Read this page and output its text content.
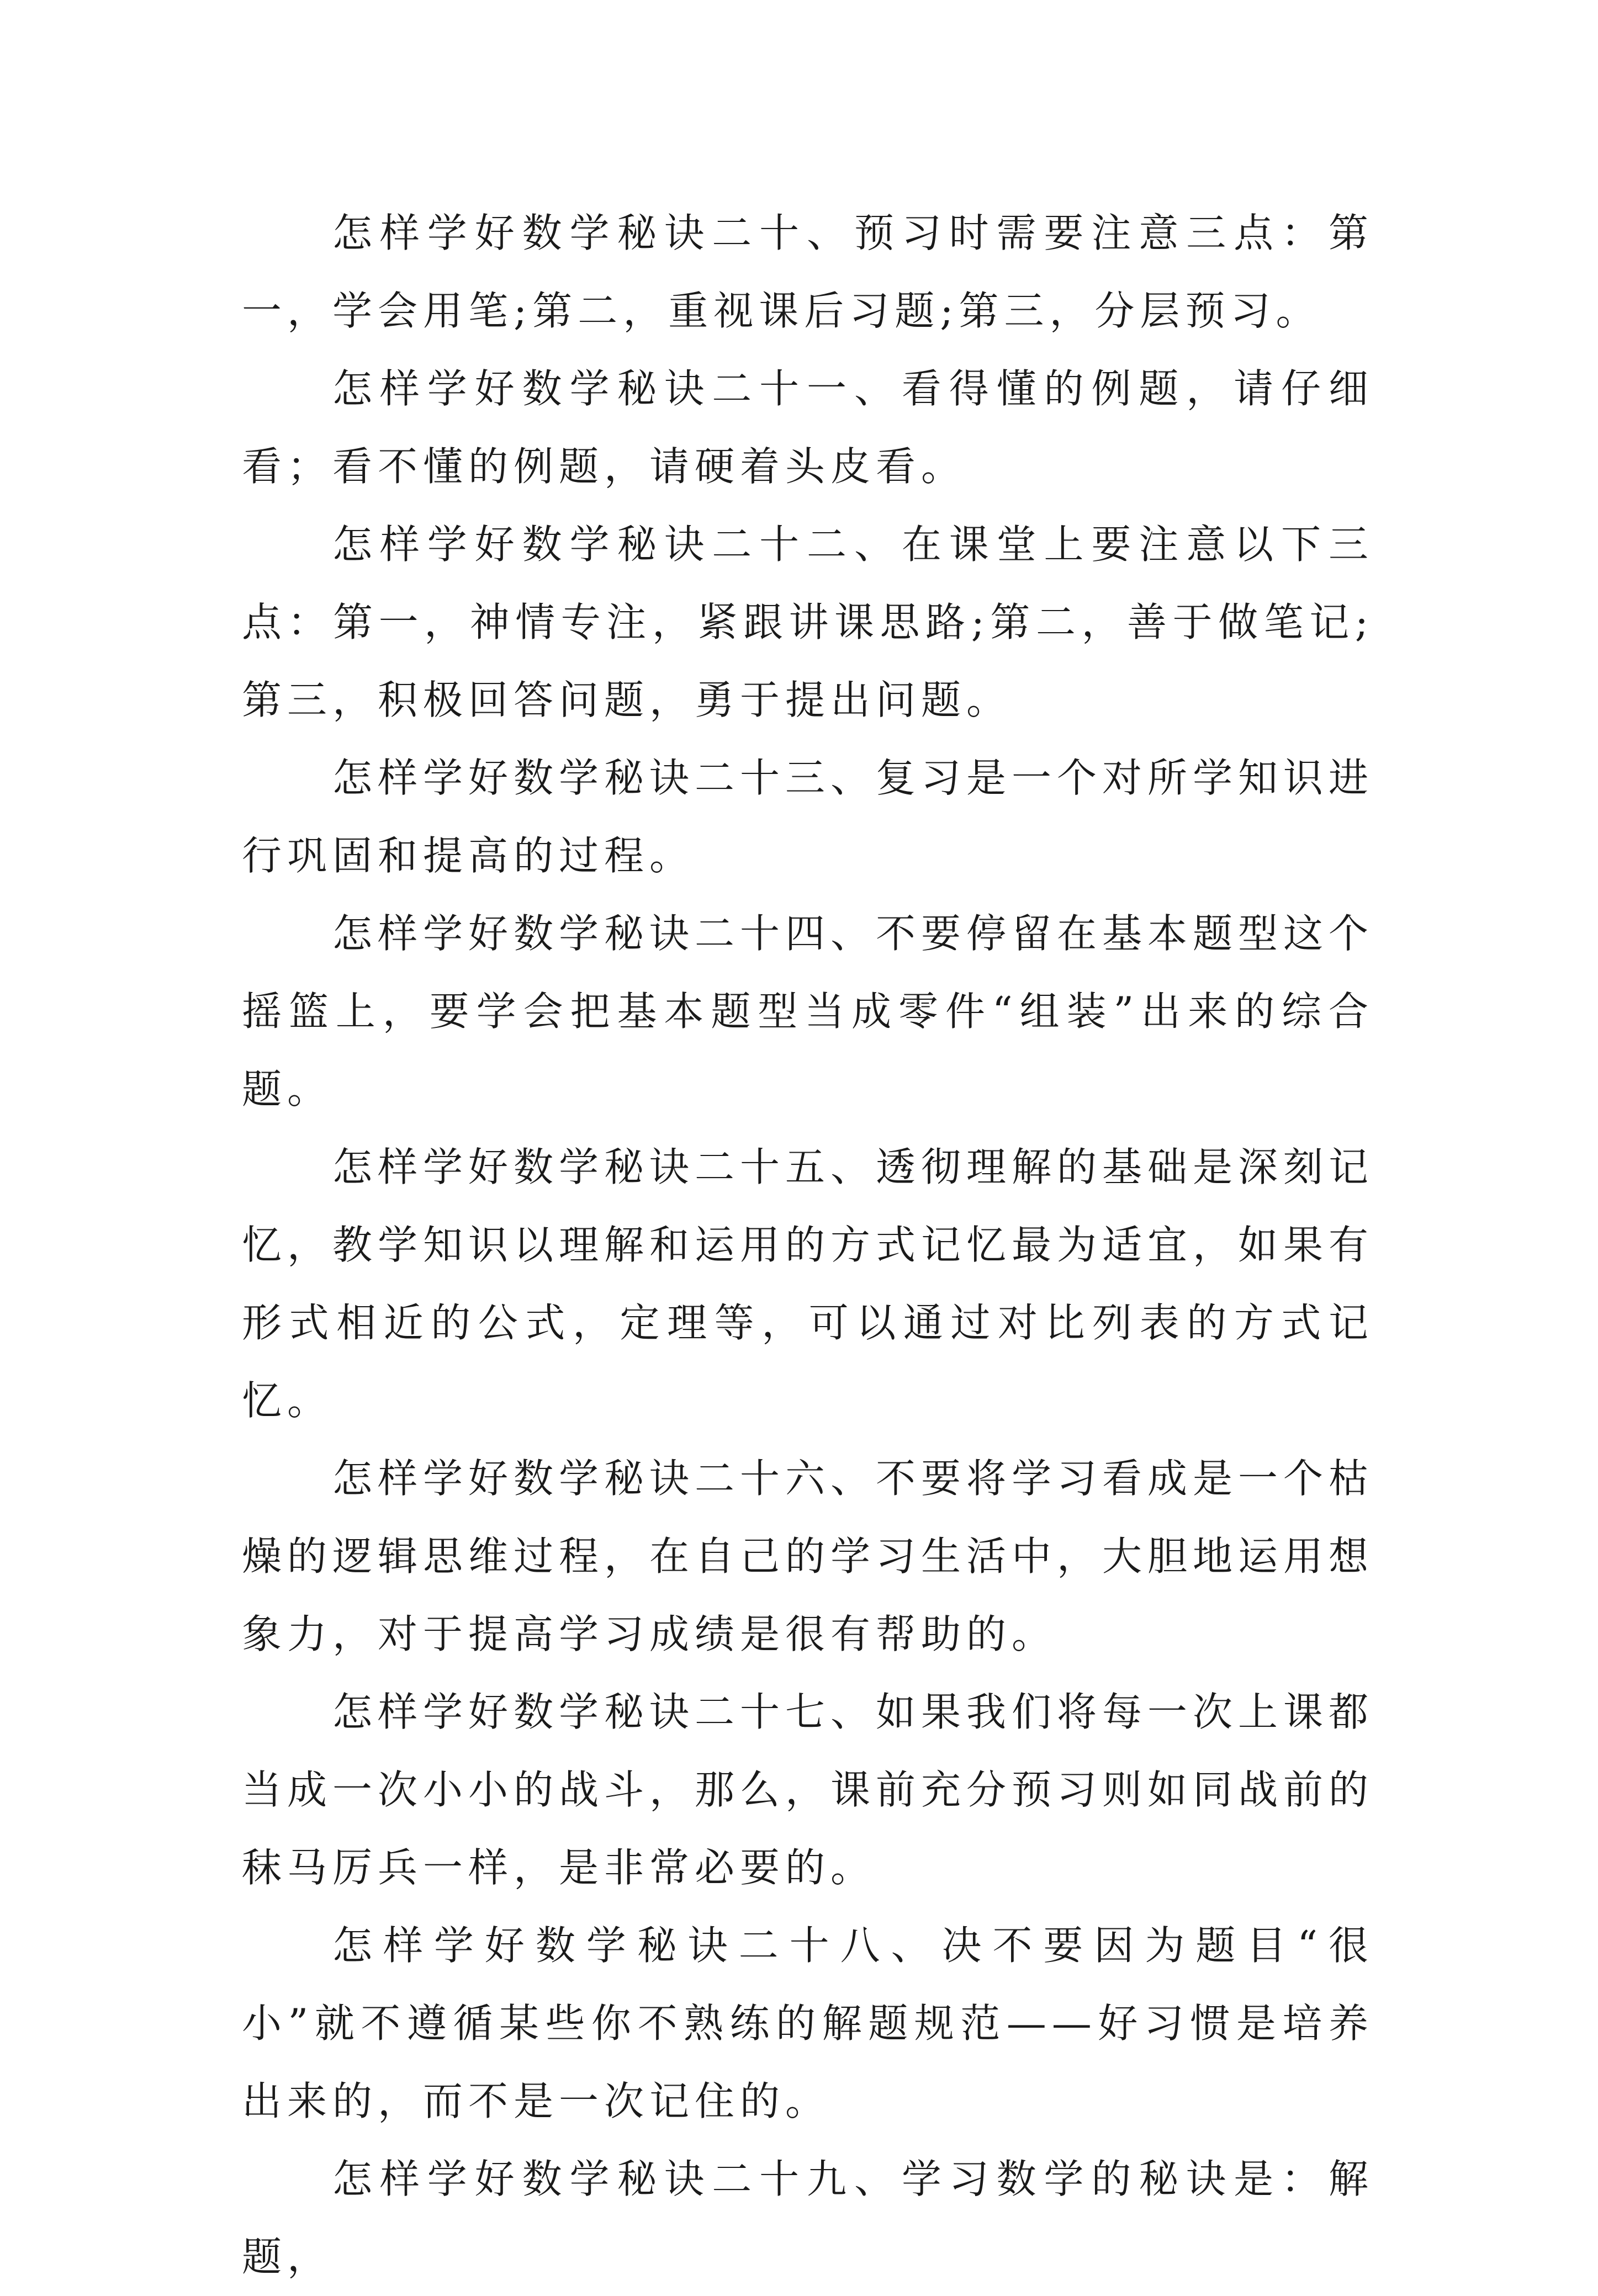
怎样学好数学秘诀二十、预习时需要注意三点：第一，学会用笔;第二，重视课后习题;第三，分层预习。

怎样学好数学秘诀二十一、看得懂的例题，请仔细看；看不懂的例题，请硬着头皮看。

怎样学好数学秘诀二十二、在课堂上要注意以下三点：第一，神情专注，紧跟讲课思路;第二，善于做笔记;第三，积极回答问题，勇于提出问题。

怎样学好数学秘诀二十三、复习是一个对所学知识进行巩固和提高的过程。

怎样学好数学秘诀二十四、不要停留在基本题型这个摇篮上，要学会把基本题型当成零件“组装”出来的综合题。

怎样学好数学秘诀二十五、透彻理解的基础是深刻记忆，教学知识以理解和运用的方式记忆最为适宜，如果有形式相近的公式，定理等，可以通过对比列表的方式记忆。

怎样学好数学秘诀二十六、不要将学习看成是一个枯燥的逻辑思维过程，在自己的学习生活中，大胆地运用想象力，对于提高学习成绩是很有帮助的。

怎样学好数学秘诀二十七、如果我们将每一次上课都当成一次小小的战斗，那么，课前充分预习则如同战前的秣马厉兵一样，是非常必要的。

怎样学好数学秘诀二十八、决不要因为题目“很小”就不遵循某些你不熟练的解题规范——好习惯是培养出来的，而不是一次记住的。

怎样学好数学秘诀二十九、学习数学的秘诀是：解题，
